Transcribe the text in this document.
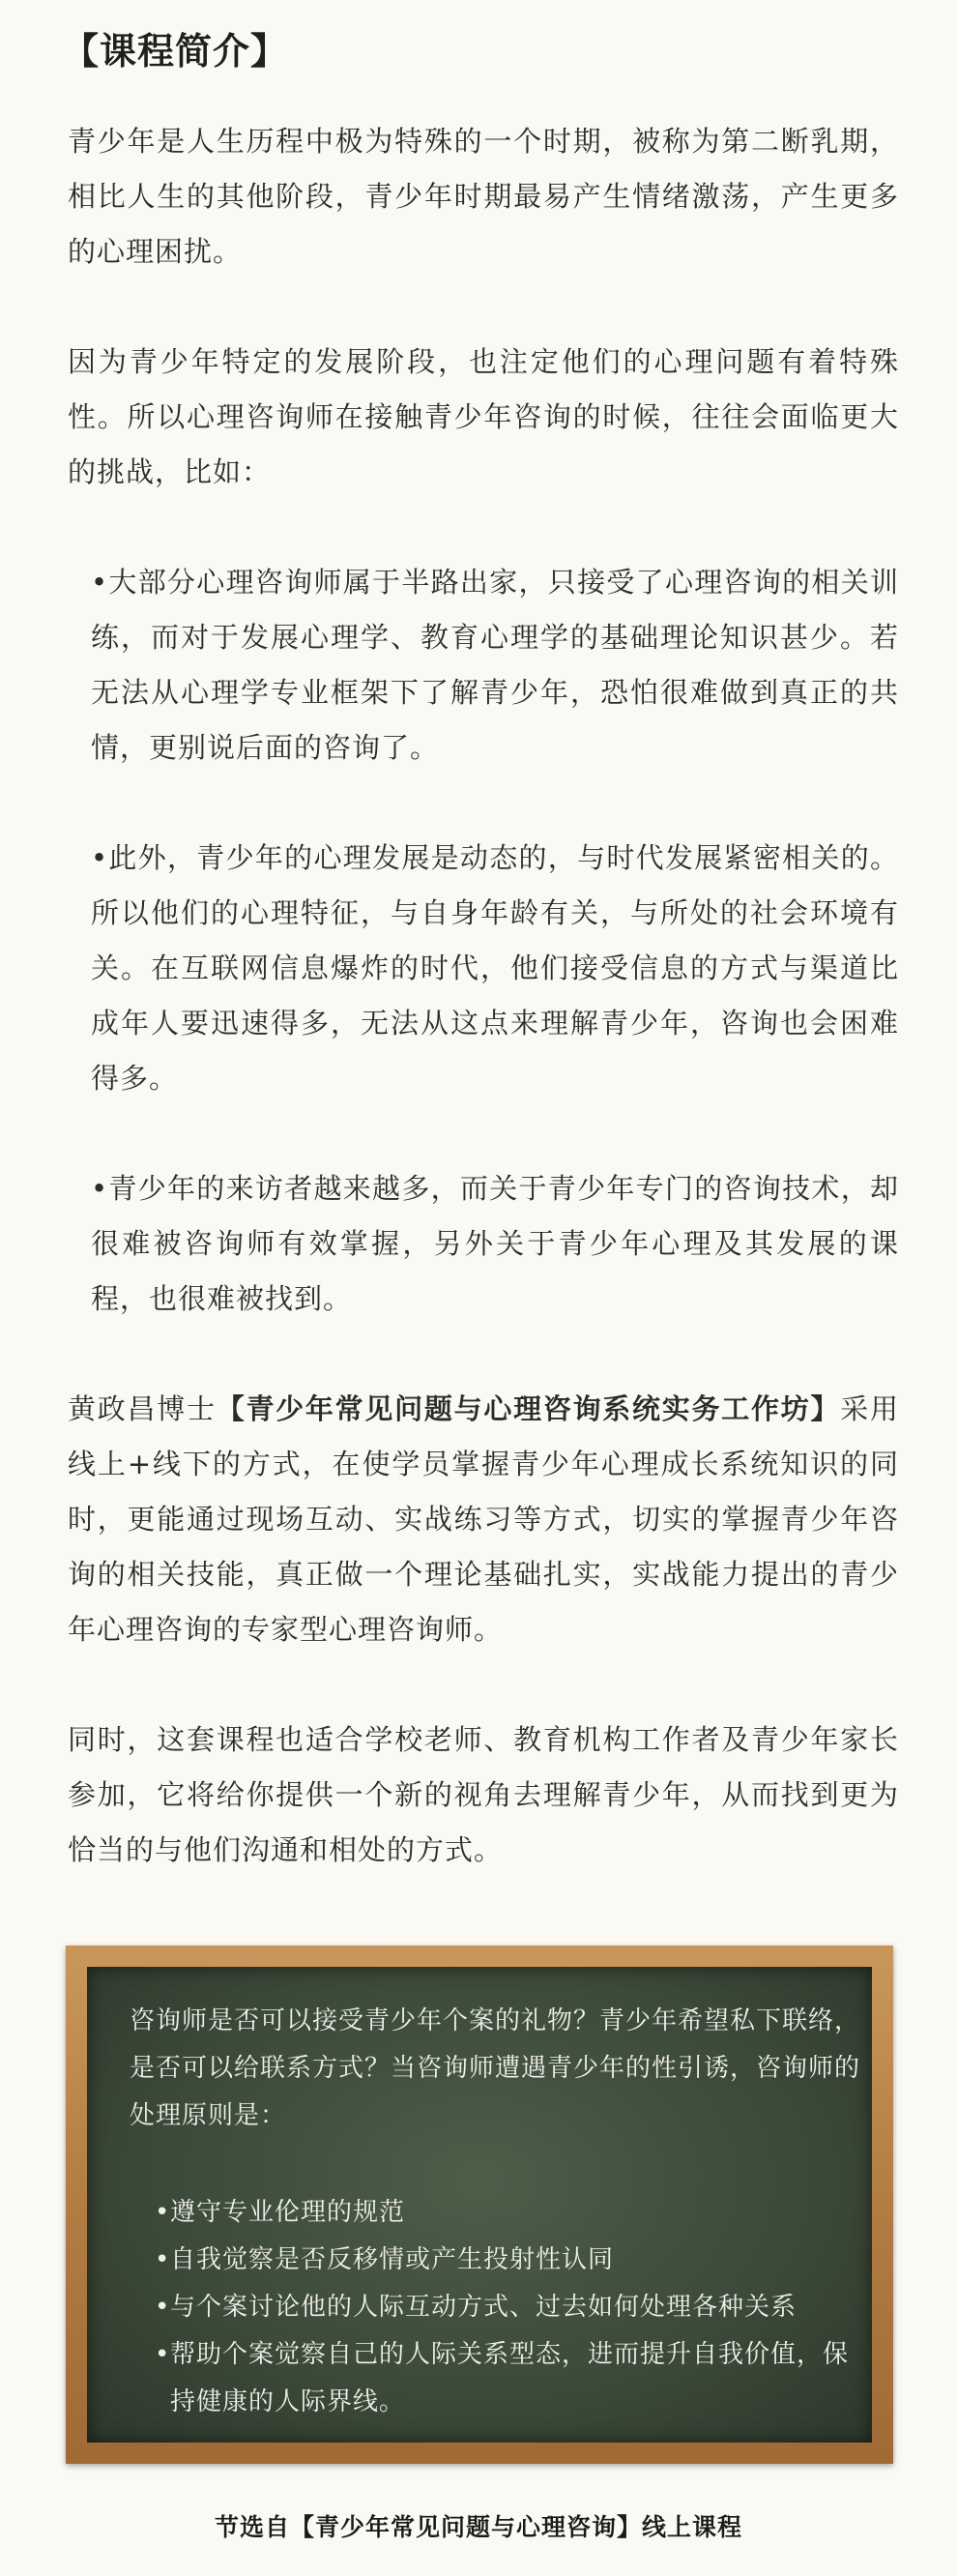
【课程简介】

青少年是人生历程中极为特殊的一个时期，被称为第二断乳期，相比人生的其他阶段，青少年时期最易产生情绪激荡，产生更多的心理困扰。

因为青少年特定的发展阶段，也注定他们的心理问题有着特殊性。所以心理咨询师在接触青少年咨询的时候，往往会面临更大的挑战，比如：

•大部分心理咨询师属于半路出家，只接受了心理咨询的相关训练，而对于发展心理学、教育心理学的基础理论知识甚少。若无法从心理学专业框架下了解青少年，恐怕很难做到真正的共情，更别说后面的咨询了。

•此外，青少年的心理发展是动态的，与时代发展紧密相关的。所以他们的心理特征，与自身年龄有关，与所处的社会环境有关。在互联网信息爆炸的时代，他们接受信息的方式与渠道比成年人要迅速得多，无法从这点来理解青少年，咨询也会困难得多。

•青少年的来访者越来越多，而关于青少年专门的咨询技术，却很难被咨询师有效掌握，另外关于青少年心理及其发展的课程，也很难被找到。

黄政昌博士【青少年常见问题与心理咨询系统实务工作坊】采用线上+线下的方式，在使学员掌握青少年心理成长系统知识的同时，更能通过现场互动、实战练习等方式，切实的掌握青少年咨询的相关技能，真正做一个理论基础扎实，实战能力提出的青少年心理咨询的专家型心理咨询师。

同时，这套课程也适合学校老师、教育机构工作者及青少年家长参加，它将给你提供一个新的视角去理解青少年，从而找到更为恰当的与他们沟通和相处的方式。

咨询师是否可以接受青少年个案的礼物？青少年希望私下联络，是否可以给联系方式？当咨询师遭遇青少年的性引诱，咨询师的处理原则是：
• 遵守专业伦理的规范
• 自我觉察是否反移情或产生投射性认同
• 与个案讨论他的人际互动方式、过去如何处理各种关系
• 帮助个案觉察自己的人际关系型态，进而提升自我价值，保持健康的人际界线。
节选自【青少年常见问题与心理咨询】线上课程
